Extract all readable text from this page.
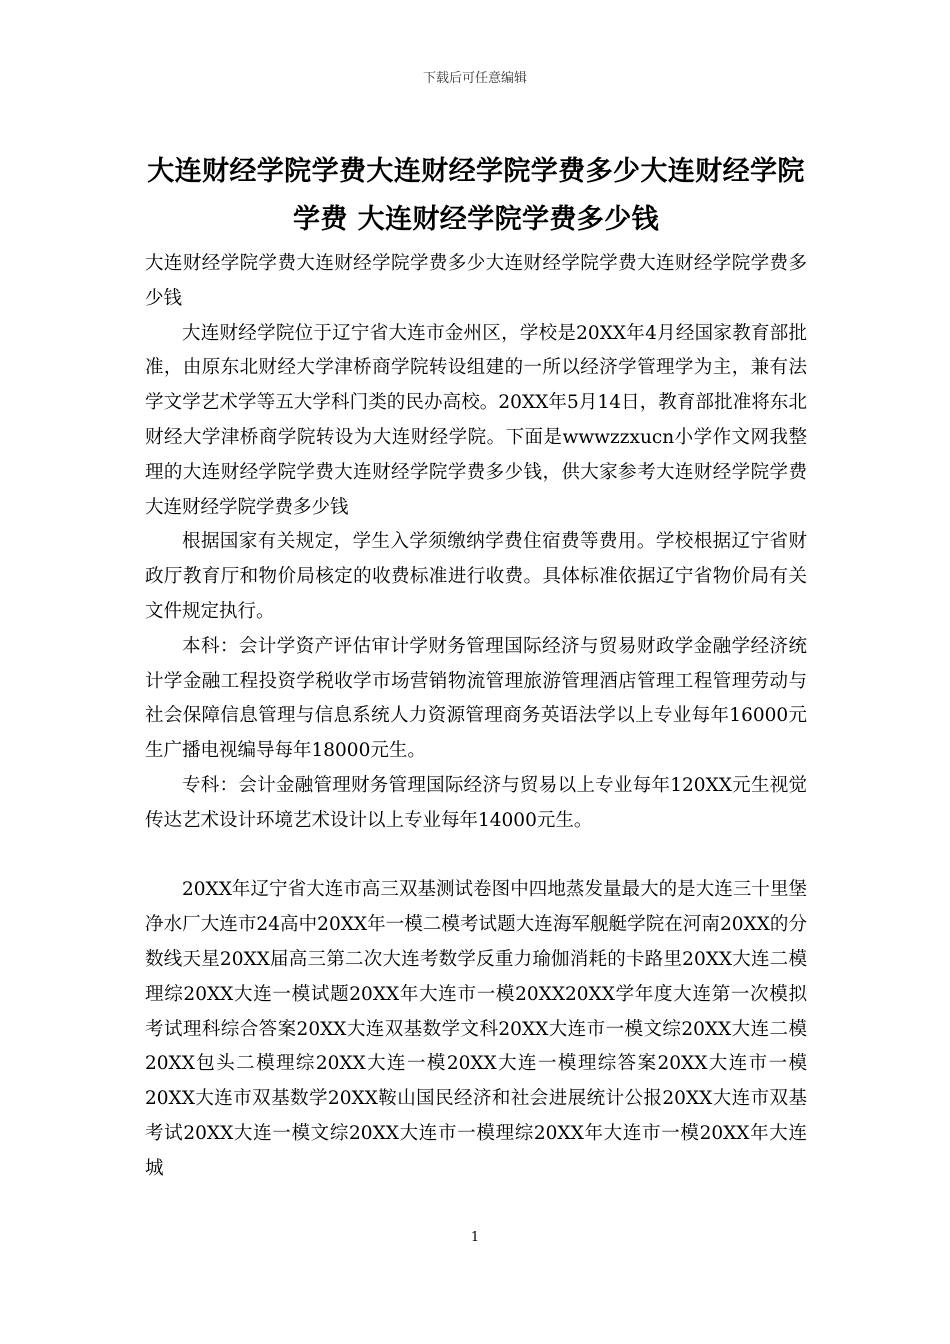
下载后可任意编辑
大连财经学院学费大连财经学院学费多少大连财经学院学费 大连财经学院学费多少钱

大连财经学院学费大连财经学院学费多少大连财经学院学费大连财经学院学费多少钱

大连财经学院位于辽宁省大连市金州区，学校是20XX年4月经国家教育部批准，由原东北财经大学津桥商学院转设组建的一所以经济学管理学为主，兼有法学文学艺术学等五大学科门类的民办高校。20XX年5月14日，教育部批准将东北财经大学津桥商学院转设为大连财经学院。下面是wwwzzxucn小学作文网我整理的大连财经学院学费大连财经学院学费多少钱，供大家参考大连财经学院学费大连财经学院学费多少钱

根据国家有关规定，学生入学须缴纳学费住宿费等费用。学校根据辽宁省财政厅教育厅和物价局核定的收费标准进行收费。具体标准依据辽宁省物价局有关文件规定执行。

本科：会计学资产评估审计学财务管理国际经济与贸易财政学金融学经济统计学金融工程投资学税收学市场营销物流管理旅游管理酒店管理工程管理劳动与社会保障信息管理与信息系统人力资源管理商务英语法学以上专业每年16000元生广播电视编导每年18000元生。

专科：会计金融管理财务管理国际经济与贸易以上专业每年120XX元生视觉传达艺术设计环境艺术设计以上专业每年14000元生。

20XX年辽宁省大连市高三双基测试卷图中四地蒸发量最大的是大连三十里堡净水厂大连市24高中20XX年一模二模考试题大连海军舰艇学院在河南20XX的分数线天星20XX届高三第二次大连考数学反重力瑜伽消耗的卡路里20XX大连二模理综20XX大连一模试题20XX年大连市一模20XX20XX学年度大连第一次模拟考试理科综合答案20XX大连双基数学文科20XX大连市一模文综20XX大连二模20XX包头二模理综20XX大连一模20XX大连一模理综答案20XX大连市一模20XX大连市双基数学20XX鞍山国民经济和社会进展统计公报20XX大连市双基考试20XX大连一模文综20XX大连市一模理综20XX年大连市一模20XX年大连城

1
